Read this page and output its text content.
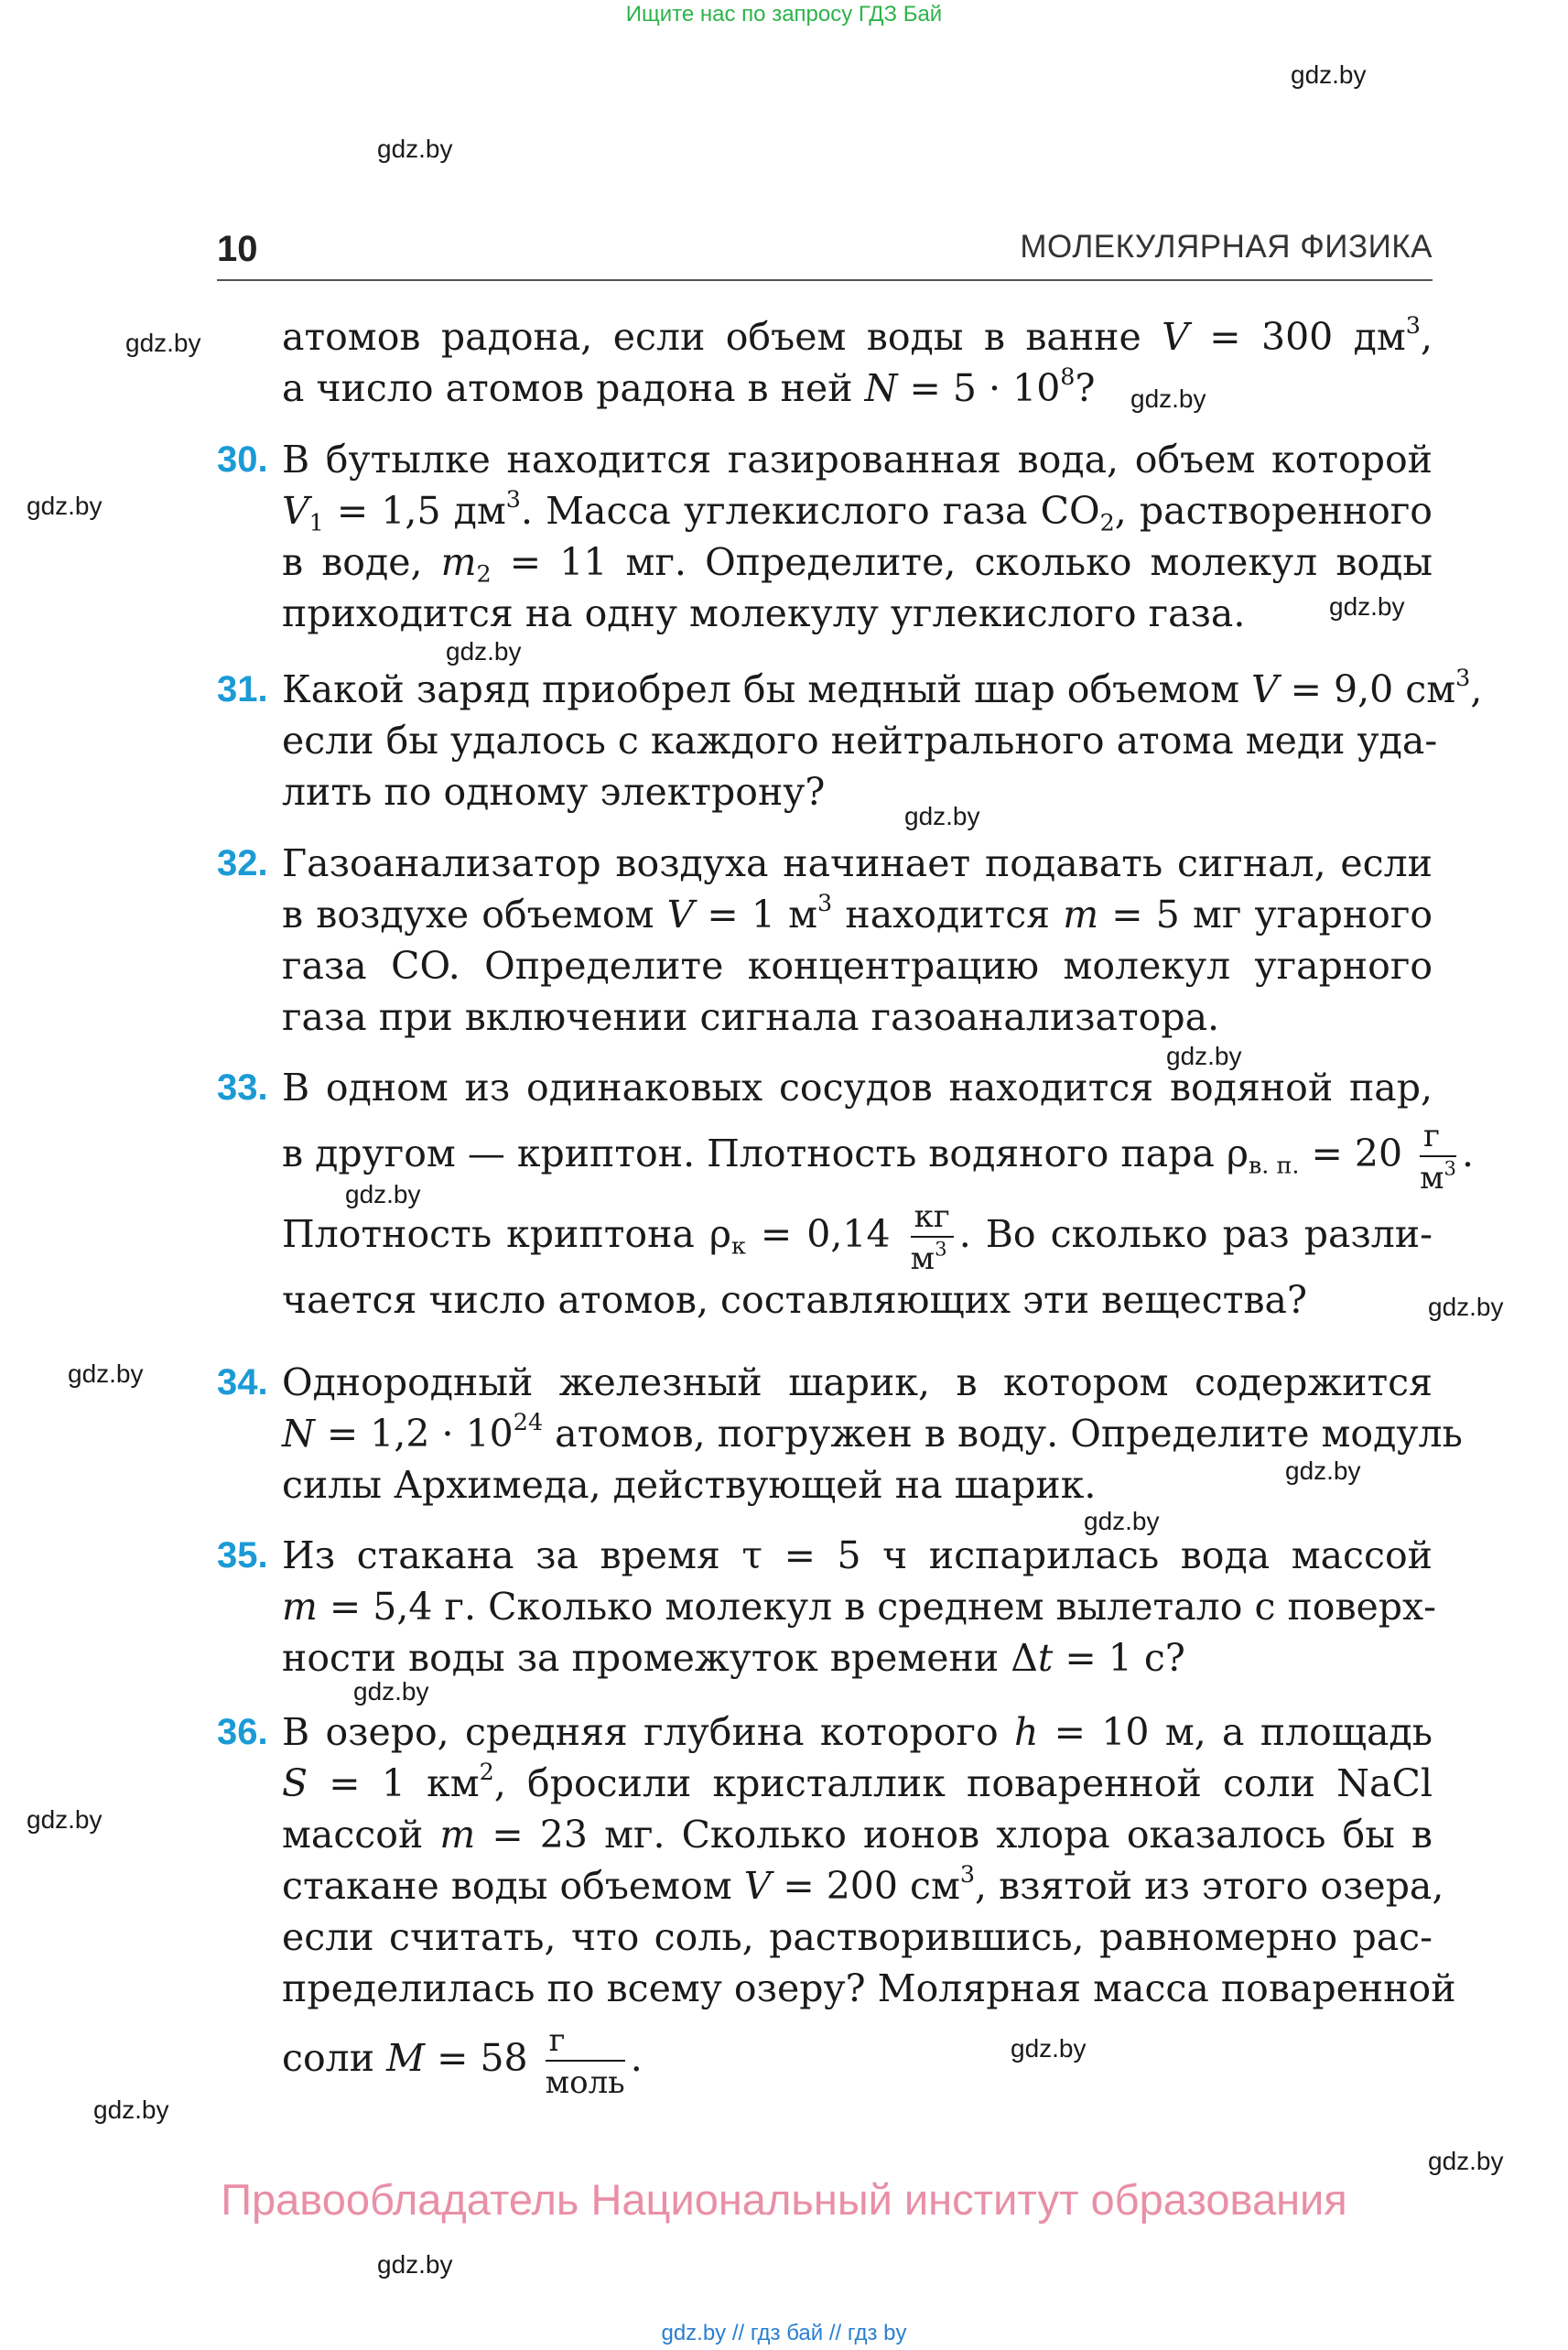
Ищите нас по запросу ГДЗ Бай
gdz.by
gdz.by
gdz.by
gdz.by
gdz.by
gdz.by
gdz.by
gdz.by
gdz.by
gdz.by
gdz.by
gdz.by
gdz.by
gdz.by
gdz.by
gdz.by
gdz.by
gdz.by
gdz.by
gdz.by
10	МОЛЕКУЛЯРНАЯ ФИЗИКА
атомов радона, если объем воды в ванне V = 300 $дм^3$,
а число атомов радона в ней $N = 5 \cdot 10^8$?
30. В бутылке находится газированная вода, объем которой
$V_1 = 1,5$ $дм^3$. Масса углекислого газа $CO_2$, растворенного
в воде, $m_2 = 11$ мг. Определите, сколько молекул воды
приходится на одну молекулу углекислого газа.
31. Какой заряд приобрел бы медный шар объемом V = 9,0 $см^3$,
если бы удалось с каждого нейтрального атома меди уда-
лить по одному электрону?
32. Газоанализатор воздуха начинает подавать сигнал, если
в воздухе объемом V = 1 $м^3$ находится m = 5 мг угарного
газа CO. Определите концентрацию молекул угарного
газа при включении сигнала газоанализатора.
33. В одном из одинаковых сосудов находится водяной пар,
в другом — криптон. Плотность водяного пара $\rho_{в. п.} = 20 \frac{г}{м^3}$ .
Плотность криптона $\rho_к = 0,14 \frac{кг}{м^3}$ . Во сколько раз разли-
чается число атомов, составляющих эти вещества?
34. Однородный железный шарик, в котором содержится
$N = 1,2 \cdot 10^{24}$ атомов, погружен в воду. Определите модуль
силы Архимеда, действующей на шарик.
35. Из стакана за время τ = 5 ч испарилась вода массой
m = 5,4 г. Сколько молекул в среднем вылетало с поверх-
ности воды за промежуток времени Δt = 1 с?
36. В озеро, средняя глубина которого h = 10 м, а площадь
S = 1 $км^2$, бросили кристаллик поваренной соли NaCl
массой m = 23 мг. Сколько ионов хлора оказалось бы в
стакане воды объемом V = 200 $см^3$, взятой из этого озера,
если считать, что соль, растворившись, равномерно рас-
пределилась по всему озеру? Молярная масса поваренной
соли $M = 58 \frac{г}{\text{моль}}$ .
Правообладатель Национальный институт образования
gdz.by // гдз бай // гдз by
